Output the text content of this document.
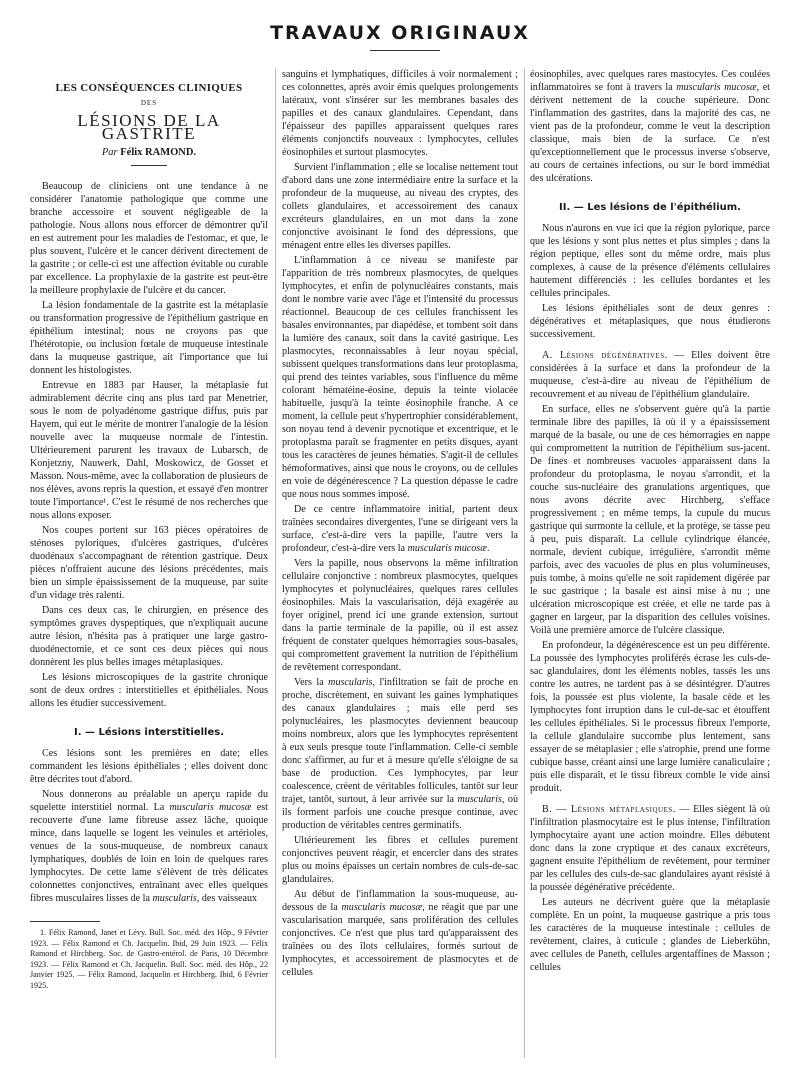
TRAVAUX ORIGINAUX
LES CONSÉQUENCES CLINIQUES
DES
LÉSIONS DE LA GASTRITE
Par Félix RAMOND.

Beaucoup de cliniciens ont une tendance à ne considérer l'anatomie pathologique que comme une branche accessoire et souvent négligeable de la pathologie. Nous allons nous efforcer de démontrer qu'il en est autrement pour les maladies de l'estomac, et que, le plus souvent, l'ulcère et le cancer dérivent directement de la gastrite ; or celle-ci est une affection évitable ou curable par excellence. La prophylaxie de la gastrite est peut-être la meilleure prophylaxie de l'ulcère et du cancer.

La lésion fondamentale de la gastrite est la métaplasie ou transformation progressive de l'épithélium gastrique en épithélium intestinal; nous ne croyons pas que l'hétérotopie, ou inclusion fœtale de muqueuse intestinale dans la muqueuse gastrique, ait l'importance que lui donnent les histologistes.

Entrevue en 1883 par Hauser, la métaplasie fut admirablement décrite cinq ans plus tard par Menetrier, sous le nom de polyadénome gastrique diffus, puis par Hayem, qui eut le mérite de montrer l'analogie de la lésion nouvelle avec la muqueuse normale de l'intestin. Ultérieurement parurent les travaux de Lubarsch, de Konjetzny, Nauwerk, Dahl, Moskowicz, de Gosset et Masson. Nous-même, avec la collaboration de plusieurs de nos élèves, avons repris la question, et essayé d'en montrer toute l'importance¹. C'est le résumé de nos recherches que nous allons exposer.

Nos coupes portent sur 163 pièces opératoires de sténoses pyloriques, d'ulcères gastriques, d'ulcères duodénaux s'accompagnant de rétention gastrique. Deux pièces n'offraient aucune des lésions précédentes, mais bien un simple épaississement de la muqueuse, par suite d'un vidage très ralenti.

Dans ces deux cas, le chirurgien, en présence des symptômes graves dyspeptiques, que n'expliquait aucune autre lésion, n'hésita pas à pratiquer une large gastro-duodénectomie, et ce sont ces deux pièces qui nous donnèrent les plus belles images métaplasiques.

Les lésions microscopiques de la gastrite chronique sont de deux ordres : interstitielles et épithéliales. Nous allons les étudier successivement.

I. — Lésions interstitielles.

Ces lésions sont les premières en date; elles commandent les lésions épithéliales ; elles doivent donc être décrites tout d'abord.

Nous donnerons au préalable un aperçu rapide du squelette interstitiel normal. La muscularis mucosæ est recouverte d'une lame fibreuse assez lâche, quoique mince, dans laquelle se logent les veinules et artérioles, venues de la sous-muqueuse, de nombreux canaux lymphatiques, doublés de loin en loin de quelques rares lymphocytes. De cette lame s'élèvent de très délicates colonnettes conjonctives, entraînant avec elles quelques fibres musculaires lisses de la muscularis, des vaisseaux

1. Félix Ramond, Janet et Lévy. Bull. Soc. méd. des Hôp., 9 Février 1923. — Félix Ramond et Ch. Jacquelin. Ibid, 29 Juin 1923. — Félix Ramond et Hirchberg. Soc. de Gastro-entérol. de Paris, 10 Décembre 1923. — Félix Ramond et Ch. Jacquelin. Bull. Soc. méd. des Hôp., 22 Janvier 1925. — Félix Ramond, Jacquelin et Hirchberg. Ibid, 6 Février 1925.

sanguins et lymphatiques, difficiles à voir normalement ; ces colonnettes, après avoir émis quelques prolongements latéraux, vont s'insérer sur les membranes basales des papilles et des canaux glandulaires. Cependant, dans l'épaisseur des papilles apparaissent quelques rares éléments conjonctifs nouveaux : lymphocytes, cellules éosinophiles et surtout plasmocytes.

Survient l'inflammation ; elle se localise nettement tout d'abord dans une zone intermédiaire entre la surface et la profondeur de la muqueuse, au niveau des cryptes, des collets glandulaires, et accessoirement des canaux excréteurs glandulaires, en un mot dans la zone conjonctive avoisinant le fond des dépressions, que ménagent entre elles les diverses papilles.

L'inflammation à ce niveau se manifeste par l'apparition de très nombreux plasmocytes, de quelques lymphocytes, et enfin de polynucléaires constants, mais dont le nombre varie avec l'âge et l'intensité du processus réactionnel. Beaucoup de ces cellules franchissent les basales environnantes, par diapédèse, et tombent soit dans la lumière des canaux, soit dans la cavité gastrique. Les plasmocytes, reconnaissables à leur noyau spécial, subissent quelques transformations dans leur protoplasma, qui prend des teintes variables, sous l'influence du même colorant hématéine-éosine, depuis la teinte violacée habituelle, jusqu'à la teinte éosinophile franche. A ce moment, la cellule peut s'hypertrophier considérablement, son noyau tend à devenir pycnotique et excentrique, et le protoplasma paraît se fragmenter en petits disques, ayant tous les caractères de jeunes hématies. S'agit-il de cellules hémoformatives, ainsi que nous le croyons, ou de cellules en voie de dégénérescence ? La question dépasse le cadre que nous nous sommes imposé.

De ce centre inflammatoire initial, partent deux traînées secondaires divergentes, l'une se dirigeant vers la surface, c'est-à-dire vers la papille, l'autre vers la profondeur, c'est-à-dire vers la muscularis mucosæ.

Vers la papille, nous observons la même infiltration cellulaire conjonctive : nombreux plasmocytes, quelques lymphocytes et polynucléaires, quelques rares cellules éosinophiles. Mais la vascularisation, déjà exagérée au foyer originel, prend ici une grande extension, surtout dans la partie terminale de la papille, où il est assez fréquent de constater quelques hémorragies sous-basales, qui compromettent gravement la nutrition de l'épithélium de revêtement correspondant.

Vers la muscularis, l'infiltration se fait de proche en proche, discrètement, en suivant les gaines lymphatiques des canaux glandulaires ; mais elle perd ses polynucléaires, les plasmocytes deviennent beaucoup moins nombreux, alors que les lymphocytes représentent à eux seuls presque toute l'inflammation. Celle-ci semble donc s'affirmer, au fur et à mesure qu'elle s'éloigne de sa base de production. Ces lymphocytes, par leur coalescence, créent de véritables follicules, tantôt sur leur trajet, tantôt, surtout, à leur arrivée sur la muscularis, où ils forment parfois une couche presque continue, avec production de véritables centres germinatifs.

Ultérieurement les fibres et cellules purement conjonctives peuvent réagir, et encercler dans des strates plus ou moins épaisses un certain nombres de culs-de-sac glandulaires.

Au début de l'inflammation la sous-muqueuse, au-dessous de la muscularis mucosæ, ne réagit que par une vascularisation marquée, sans prolifération des cellules conjonctives. Ce n'est que plus tard qu'apparaissent des traînées ou des îlots cellulaires, formés surtout de lymphocytes, et accessoirement de plasmocytes et de cellules

éosinophiles, avec quelques rares mastocytes. Ces coulées inflammatoires se font à travers la muscularis mucosæ, et dérivent nettement de la couche supérieure. Donc l'inflammation des gastrites, dans la majorité des cas, ne vient pas de la profondeur, comme le veut la description classique, mais bien de la surface. Ce n'est qu'exceptionnellement que le processus inverse s'observe, au cours de certaines infections, ou sur le bord immédiat des ulcérations.

II. — Les lésions de l'épithélium.

Nous n'aurons en vue ici que la région pylorique, parce que les lésions y sont plus nettes et plus simples ; dans la région peptique, elles sont du même ordre, mais plus complexes, à cause de la présence d'éléments cellulaires hautement différenciés : les cellules bordantes et les cellules principales.

Les lésions épithéliales sont de deux genres : dégénératives et métaplasiques, que nous étudierons successivement.

A. Lésions dégénératives. — Elles doivent être considérées à la surface et dans la profondeur de la muqueuse, c'est-à-dire au niveau de l'épithélium de recouvrement et au niveau de l'épithélium glandulaire.

En surface, elles ne s'observent guère qu'à la partie terminale libre des papilles, là où il y a épaississement marqué de la basale, ou une de ces hémorragies en nappe qui compromettent la nutrition de l'épithélium sus-jacent. De fines et nombreuses vacuoles apparaissent dans la profondeur du protoplasma, le noyau s'arrondit, et la couche sus-nucléaire des granulations argentiques, que nous avons décrite avec Hirchberg, s'efface progressivement ; en même temps, la cupule du mucus gastrique qui surmonte la cellule, et la protège, se tasse peu à peu, puis disparaît. La cellule cylindrique élancée, normale, devient cubique, irrégulière, s'arrondit même parfois, avec des vacuoles de plus en plus volumineuses, puis tombe, à moins qu'elle ne soit rapidement digérée par le suc gastrique ; la basale est ainsi mise à nu ; une ulcération microscopique est créée, et elle ne tarde pas à gagner en largeur, par la disparition des cellules voisines. Voilà une première amorce de l'ulcère classique.

En profondeur, la dégénérescence est un peu différente. La poussée des lymphocytes proliférés écrase les culs-de-sac glandulaires, dont les éléments nobles, tassés les uns contre les autres, ne tardent pas à se désintégrer. D'autres fois, la poussée est plus violente, la basale cède et les lymphocytes font irruption dans le cul-de-sac et étouffent les cellules épithéliales. Si le processus fibreux l'emporte, la cellule glandulaire succombe plus lentement, sans essayer de se métaplasier ; elle s'atrophie, prend une forme cubique basse, créant ainsi une large lumière canaliculaire ; puis elle disparaît, et le tissu fibreux comble le vide ainsi produit.

B. — Lésions métaplasiques. — Elles siègent là où l'infiltration plasmocytaire est le plus intense, l'infiltration lymphocytaire ayant une action moindre. Elles débutent donc dans la zone cryptique et des canaux excréteurs, gagnent ensuite l'épithélium de revêtement, pour terminer par les cellules des culs-de-sac glandulaires ayant résisté à la poussée dégénérative précédente.

Les auteurs ne décrivent guère que la métaplasie complète. En un point, la muqueuse gastrique a pris tous les caractères de la muqueuse intestinale : cellules de revêtement, claires, à cuticule ; glandes de Lieberkühn, avec cellules de Paneth, cellules argentaffines de Masson ; cellules
